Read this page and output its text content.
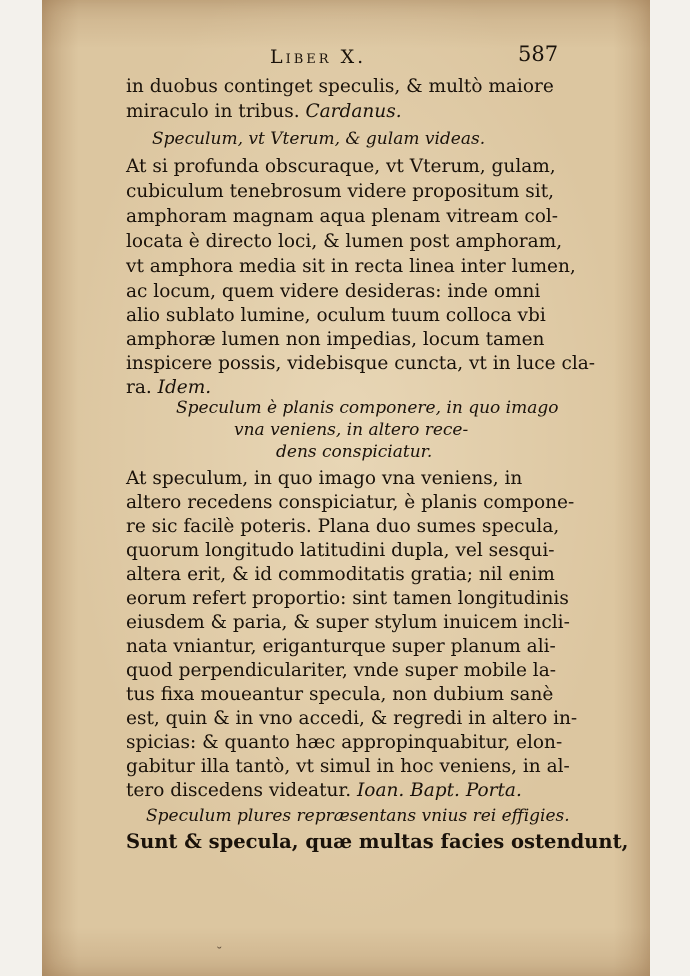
Liber X.	587
in duobus continget speculis, & multò maiore
miraculo in tribus. Cardanus.
Speculum, vt Vterum, & gulam videas.
At si profunda obscuraque, vt Vterum, gulam,
cubiculum tenebrosum videre propositum sit,
amphoram magnam aqua plenam vitream col-
locata è directo loci, & lumen post amphoram,
vt amphora media sit in recta linea inter lumen,
ac locum, quem videre desideras: inde omni
alio sublato lumine, oculum tuum colloca vbi
amphoræ lumen non impedias, locum tamen
inspicere possis, videbisque cuncta, vt in luce cla-
ra. Idem.
Speculum è planis componere, in quo imago
vna veniens, in altero rece-
dens conspiciatur.
At speculum, in quo imago vna veniens, in
altero recedens conspiciatur, è planis compone-
re sic facilè poteris. Plana duo sumes specula,
quorum longitudo latitudini dupla, vel sesqui-
altera erit, & id commoditatis gratia; nil enim
eorum refert proportio: sint tamen longitudinis
eiusdem & paria, & super stylum inuicem incli-
nata vniantur, eriganturque super planum ali-
quod perpendiculariter, vnde super mobile la-
tus fixa moueantur specula, non dubium sanè
est, quin & in vno accedi, & regredi in altero in-
spicias: & quanto hæc appropinquabitur, elon-
gabitur illa tantò, vt simul in hoc veniens, in al-
tero discedens videatur. Ioan. Bapt. Porta.
Speculum plures repræsentans vnius rei effigies.
Sunt & specula, quæ multas facies ostendunt,
˘
